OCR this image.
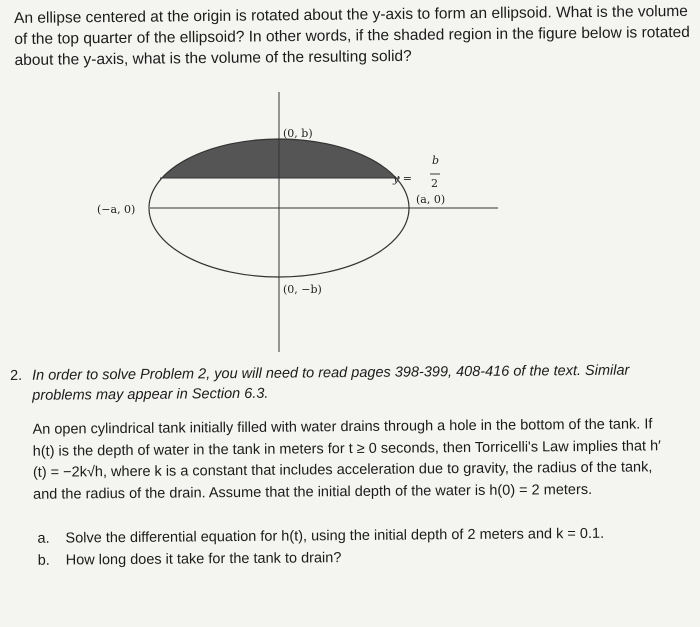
An ellipse centered at the origin is rotated about the y-axis to form an ellipsoid. What is the volume of the top quarter of the ellipsoid? In other words, if the shaded region in the figure below is rotated about the y-axis, what is the volume of the resulting solid?
(0, b)
(0, −b)
(−a, 0)
(a, 0)
y =
b
2
2. In order to solve Problem 2, you will need to read pages 398-399, 408-416 of the text. Similar problems may appear in Section 6.3.
An open cylindrical tank initially filled with water drains through a hole in the bottom of the tank. If h(t) is the depth of water in the tank in meters for t ≥ 0 seconds, then Torricelli's Law implies that h′(t) = −2k√h, where k is a constant that includes acceleration due to gravity, the radius of the tank, and the radius of the drain. Assume that the initial depth of the water is h(0) = 2 meters.
a.	Solve the differential equation for h(t), using the initial depth of 2 meters and k = 0.1.
b.	How long does it take for the tank to drain?
